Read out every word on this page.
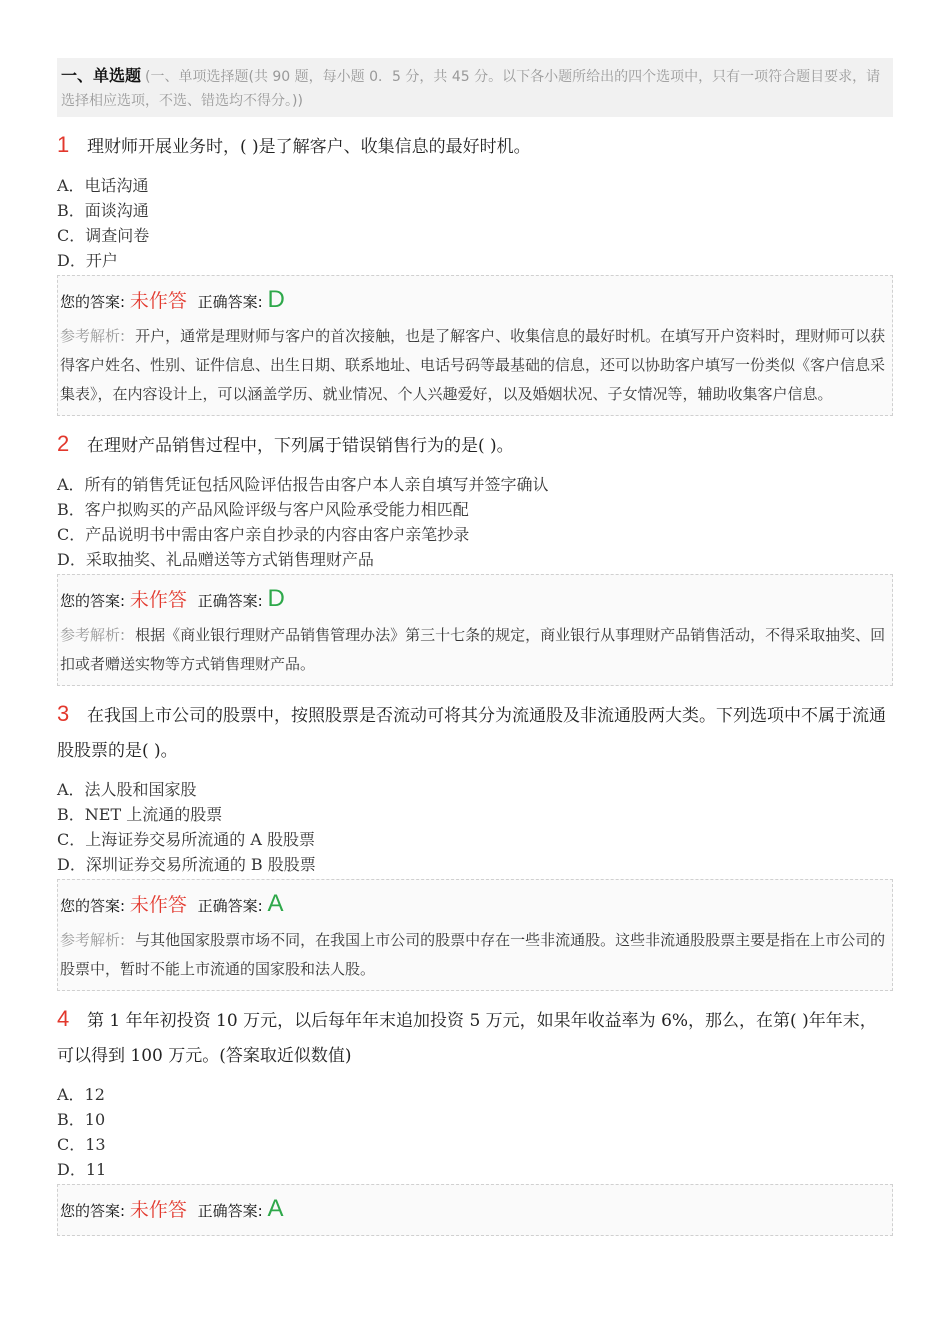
一、单选题 (一、单项选择题(共 90 题，每小题 0．5 分，共 45 分。以下各小题所给出的四个选项中，只有一项符合题目要求，请选择相应选项，不选、错选均不得分。))
1 理财师开展业务时，( )是了解客户、收集信息的最好时机。
A．电话沟通
B．面谈沟通
C．调查问卷
D．开户
您的答案: 未作答 正确答案: D
参考解析: 开户，通常是理财师与客户的首次接触，也是了解客户、收集信息的最好时机。在填写开户资料时，理财师可以获得客户姓名、性别、证件信息、出生日期、联系地址、电话号码等最基础的信息，还可以协助客户填写一份类似《客户信息采集表》，在内容设计上，可以涵盖学历、就业情况、个人兴趣爱好，以及婚姻状况、子女情况等，辅助收集客户信息。
2 在理财产品销售过程中，下列属于错误销售行为的是( )。
A．所有的销售凭证包括风险评估报告由客户本人亲自填写并签字确认
B．客户拟购买的产品风险评级与客户风险承受能力相匹配
C．产品说明书中需由客户亲自抄录的内容由客户亲笔抄录
D．采取抽奖、礼品赠送等方式销售理财产品
您的答案: 未作答 正确答案: D
参考解析: 根据《商业银行理财产品销售管理办法》第三十七条的规定，商业银行从事理财产品销售活动，不得采取抽奖、回扣或者赠送实物等方式销售理财产品。
3 在我国上市公司的股票中，按照股票是否流动可将其分为流通股及非流通股两大类。下列选项中不属于流通股股票的是( )。
A．法人股和国家股
B．NET 上流通的股票
C．上海证券交易所流通的 A 股股票
D．深圳证券交易所流通的 B 股股票
您的答案: 未作答 正确答案: A
参考解析: 与其他国家股票市场不同，在我国上市公司的股票中存在一些非流通股。这些非流通股股票主要是指在上市公司的股票中，暂时不能上市流通的国家股和法人股。
4 第 1 年年初投资 10 万元，以后每年年末追加投资 5 万元，如果年收益率为 6%，那么，在第( )年年末，可以得到 100 万元。(答案取近似数值)
A．12
B．10
C．13
D．11
您的答案: 未作答 正确答案: A
